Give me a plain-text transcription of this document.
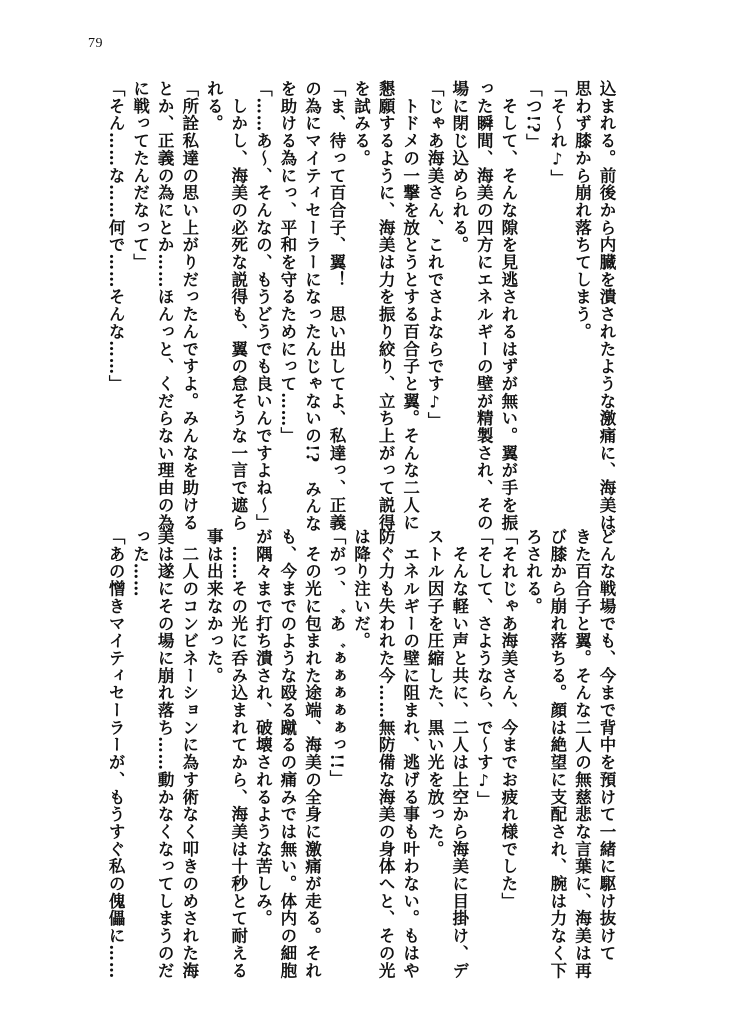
79

込まれる。前後から内臓を潰されたような激痛に、海美は

思わず膝から崩れ落ちてしまう。

「そ～れ♪」

「つ!?」

　そして、そんな隙を見逃されるはずが無い。翼が手を振

った瞬間、海美の四方にエネルギーの壁が精製され、その

場に閉じ込められる。

「じゃあ海美さん、これでさよならです♪」

　トドメの一撃を放とうとする百合子と翼。そんな二人に

懇願するように、海美は力を振り絞り、立ち上がって説得

を試みる。

「ま、待って百合子、翼！　思い出してよ、私達っ、正義

の為にマイティセーラーになったんじゃないの!?　みんな

を助ける為にっ、平和を守るためにって……」

「……あ～、そんなの、もうどうでも良いんですよね～」

　しかし、海美の必死な説得も、翼の怠そうな一言で遮ら

れる。

「所詮私達の思い上がりだったんですよ。みんなを助ける

とか、正義の為にとか……ほんっと、くだらない理由の為

に戦ってたんだなって」

「そん……な……何で……そんな……」

どんな戦場でも、今まで背中を預けて一緒に駆け抜けて

きた百合子と翼。そんな二人の無慈悲な言葉に、海美は再

び膝から崩れ落ちる。顔は絶望に支配され、腕は力なく下

ろされる。

「それじゃあ海美さん、今までお疲れ様でした」

「そして、さようなら、で～す♪」

　そんな軽い声と共に、二人は上空から海美に目掛け、デ

ストル因子を圧縮した、黒い光を放った。

　エネルギーの壁に阻まれ、逃げる事も叶わない。もはや

防ぐ力も失われた今……無防備な海美の身体へと、その光

は降り注いだ。

「がっ、゛あ゛ぁぁぁぁぁっ!!」

　その光に包まれた途端、海美の全身に激痛が走る。それ

も、今までのような殴る蹴るの痛みでは無い。体内の細胞

が隅々まで打ち潰され、破壊されるような苦しみ。

　……その光に呑み込まれてから、海美は十秒とて耐える

事は出来なかった。

　二人のコンビネーションに為す術なく叩きのめされた海

美は遂にその場に崩れ落ち……動かなくなってしまうのだ

った……

「あの憎きマイティセーラーが、もうすぐ私の傀儡に……
